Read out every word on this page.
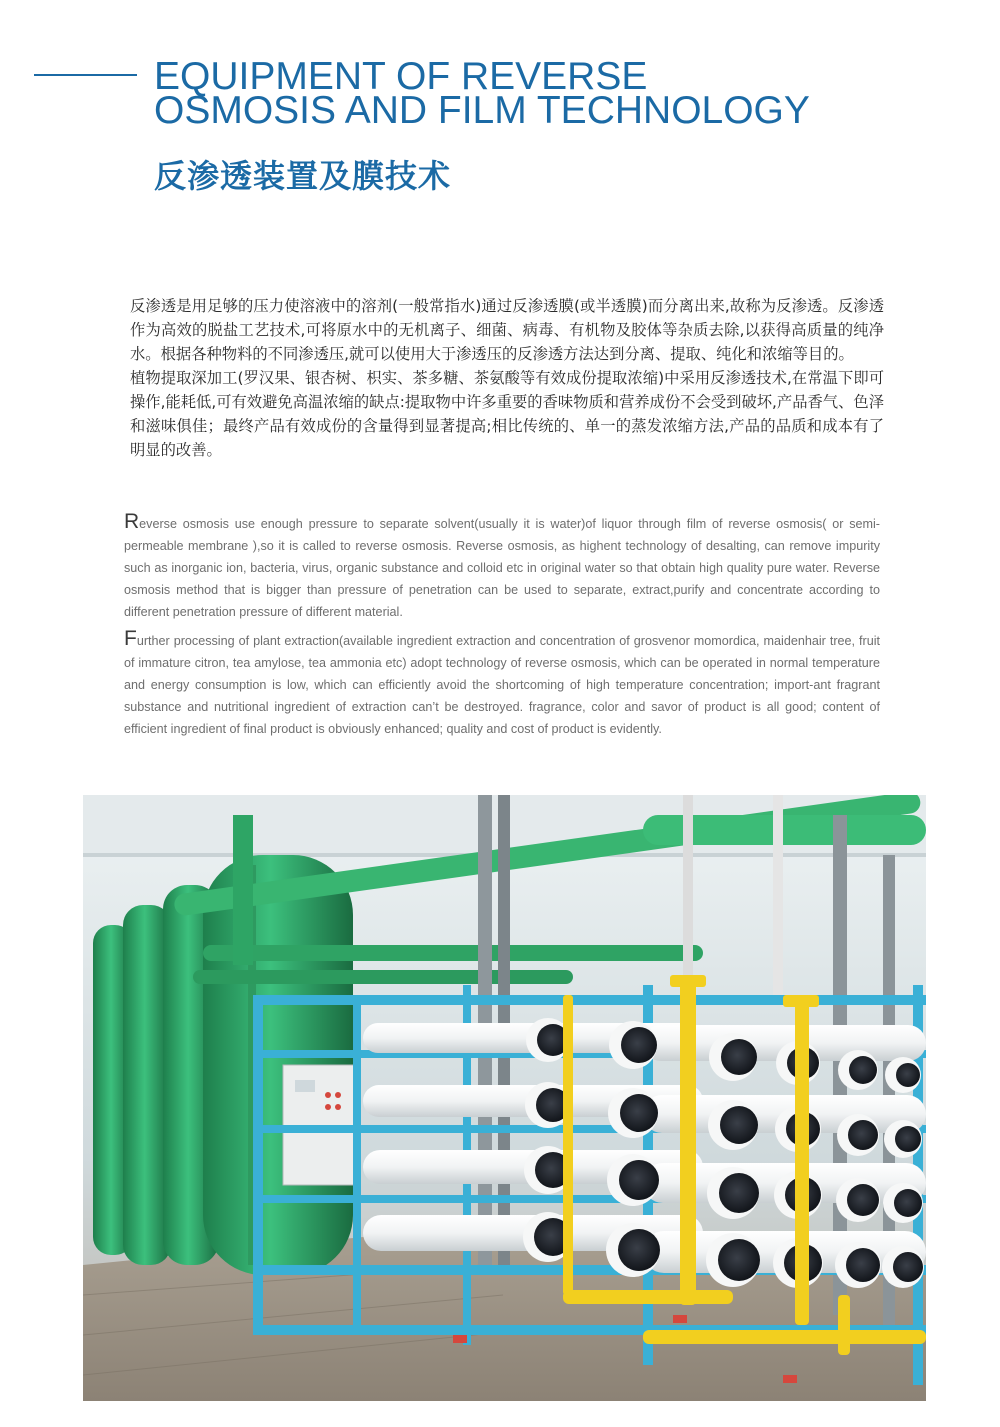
EQUIPMENT OF REVERSE
OSMOSIS AND FILM TECHNOLOGY
反渗透装置及膜技术

反渗透是用足够的压力使溶液中的溶剂(一般常指水)通过反渗透膜(或半透膜)而分离出来,故称为反渗透。反渗透作为高效的脱盐工艺技术,可将原水中的无机离子、细菌、病毒、有机物及胶体等杂质去除,以获得高质量的纯净水。根据各种物料的不同渗透压,就可以使用大于渗透压的反渗透方法达到分离、提取、纯化和浓缩等目的。

植物提取深加工(罗汉果、银杏树、枳实、茶多糖、茶氨酸等有效成份提取浓缩)中采用反渗透技术,在常温下即可操作,能耗低,可有效避免高温浓缩的缺点:提取物中许多重要的香味物质和营养成份不会受到破坏,产品香气、色泽和滋味俱佳；最终产品有效成份的含量得到显著提高;相比传统的、单一的蒸发浓缩方法,产品的品质和成本有了明显的改善。

Reverse osmosis use enough pressure to separate solvent(usually it is water)of liquor through film of reverse osmosis( or semi-permeable membrane ),so it is called to reverse osmosis. Reverse osmosis, as highent technology of desalting, can remove impurity such as inorganic ion, bacteria, virus, organic substance and colloid etc in original water so that obtain high quality pure water. Reverse osmosis method that is bigger than pressure of penetration can be used to separate, extract,purify and concentrate according to different penetration pressure of different material.

Further processing of plant extraction(available ingredient extraction and concentration of grosvenor momordica, maidenhair tree, fruit of immature citron, tea amylose, tea ammonia etc) adopt technology of reverse osmosis, which can be operated in normal temperature and energy consumption is low, which can efficiently avoid the shortcoming of high temperature concentration; import-ant fragrant substance and nutritional ingredient of extraction can’t be destroyed. fragrance, color and savor of product is all good; content of efficient ingredient of final product is obviously enhanced; quality and cost of product is evidently.
